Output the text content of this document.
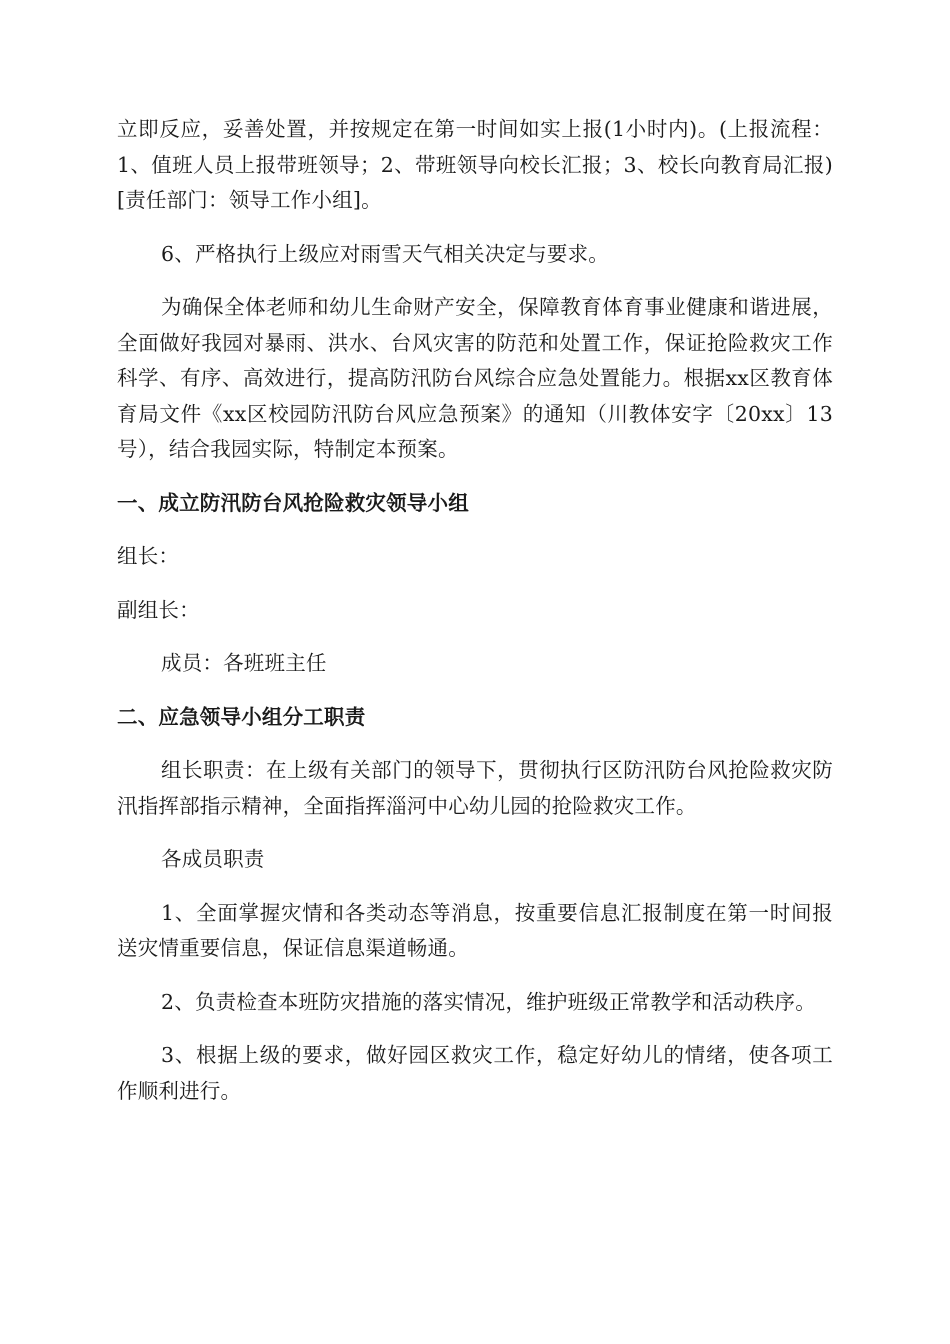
立即反应，妥善处置，并按规定在第一时间如实上报(1小时内)。(上报流程：1、值班人员上报带班领导；2、带班领导向校长汇报；3、校长向教育局汇报)[责任部门：领导工作小组]。

6、严格执行上级应对雨雪天气相关决定与要求。

为确保全体老师和幼儿生命财产安全，保障教育体育事业健康和谐进展，全面做好我园对暴雨、洪水、台风灾害的防范和处置工作，保证抢险救灾工作科学、有序、高效进行，提高防汛防台风综合应急处置能力。根据xx区教育体育局文件《xx区校园防汛防台风应急预案》的通知（川教体安字〔20xx〕13号），结合我园实际，特制定本预案。

一、成立防汛防台风抢险救灾领导小组

组长：

副组长：

成员：各班班主任

二、应急领导小组分工职责

组长职责：在上级有关部门的领导下，贯彻执行区防汛防台风抢险救灾防汛指挥部指示精神，全面指挥淄河中心幼儿园的抢险救灾工作。

各成员职责

1、全面掌握灾情和各类动态等消息，按重要信息汇报制度在第一时间报送灾情重要信息，保证信息渠道畅通。

2、负责检查本班防灾措施的落实情况，维护班级正常教学和活动秩序。

3、根据上级的要求，做好园区救灾工作，稳定好幼儿的情绪，使各项工作顺利进行。
